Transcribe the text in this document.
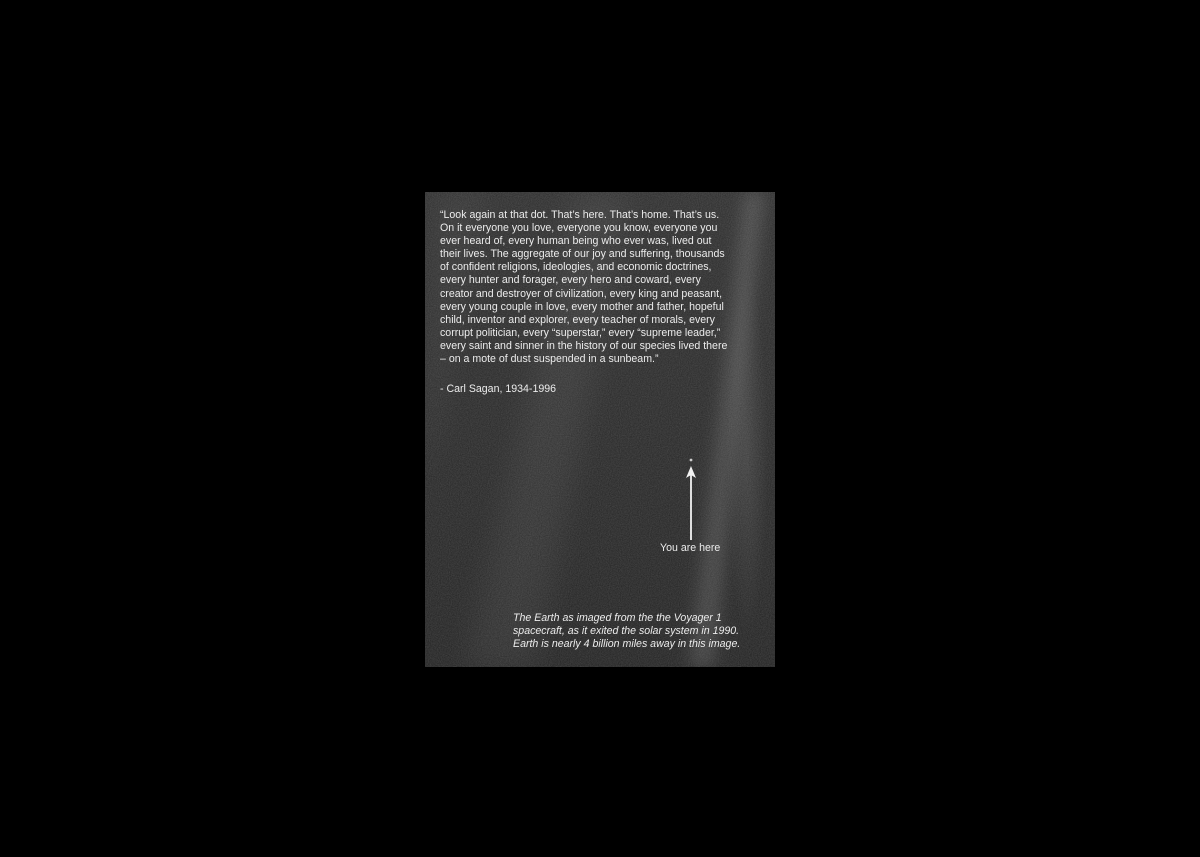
“Look again at that dot. That’s here. That’s home. That’s us.
On it everyone you love, everyone you know, everyone you
ever heard of, every human being who ever was, lived out
their lives. The aggregate of our joy and suffering, thousands
of confident religions, ideologies, and economic doctrines,
every hunter and forager, every hero and coward, every
creator and destroyer of civilization, every king and peasant,
every young couple in love, every mother and father, hopeful
child, inventor and explorer, every teacher of morals, every
corrupt politician, every “superstar,” every “supreme leader,”
every saint and sinner in the history of our species lived there
– on a mote of dust suspended in a sunbeam.”

- Carl Sagan, 1934-1996

You are here

The Earth as imaged from the the Voyager 1
spacecraft, as it exited the solar system in 1990.
Earth is nearly 4 billion miles away in this image.
